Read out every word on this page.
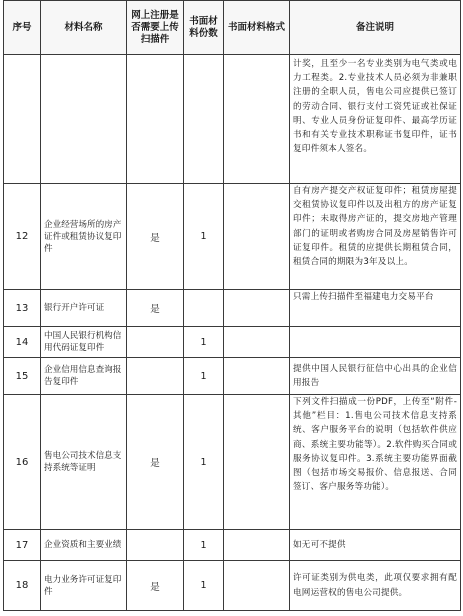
序号	材料名称	网上注册是否需要上传扫描件	书面材料份数	书面材料格式	备注说明
					计奖，且至少一名专业类别为电气类或电力工程类。2.专业技术人员必须为非兼职注册的全职人员，售电公司应提供已签订的劳动合同、银行支付工资凭证或社保证明、专业人员身份证复印件、最高学历证书和有关专业技术职称证书复印件，证书复印件须本人签名。
12	企业经营场所的房产证件或租赁协议复印件	是	1		自有房产提交产权证复印件；租赁房屋提交租赁协议复印件以及出租方的房产证复印件；未取得房产证的，提交房地产管理部门的证明或者购房合同及房屋销售许可证复印件。租赁的应提供长期租赁合同，租赁合同的期限为3年及以上。
13	银行开户许可证	是			只需上传扫描件至福建电力交易平台
14	中国人民银行机构信用代码证复印件		1		
15	企业信用信息查询报告复印件		1		提供中国人民银行征信中心出具的企业信用报告
16	售电公司技术信息支持系统等证明	是	1		下列文件扫描成一份PDF，上传至“附件-其他”栏目：1.售电公司技术信息支持系统、客户服务平台的说明（包括软件供应商、系统主要功能等）。2.软件购买合同或服务协议复印件。3.系统主要功能界面截图（包括市场交易报价、信息报送、合同签订、客户服务等功能）。
17	企业资质和主要业绩		1		如无可不提供
18	电力业务许可证复印件	是	1		许可证类别为供电类，此项仅要求拥有配电网运营权的售电公司提供。
